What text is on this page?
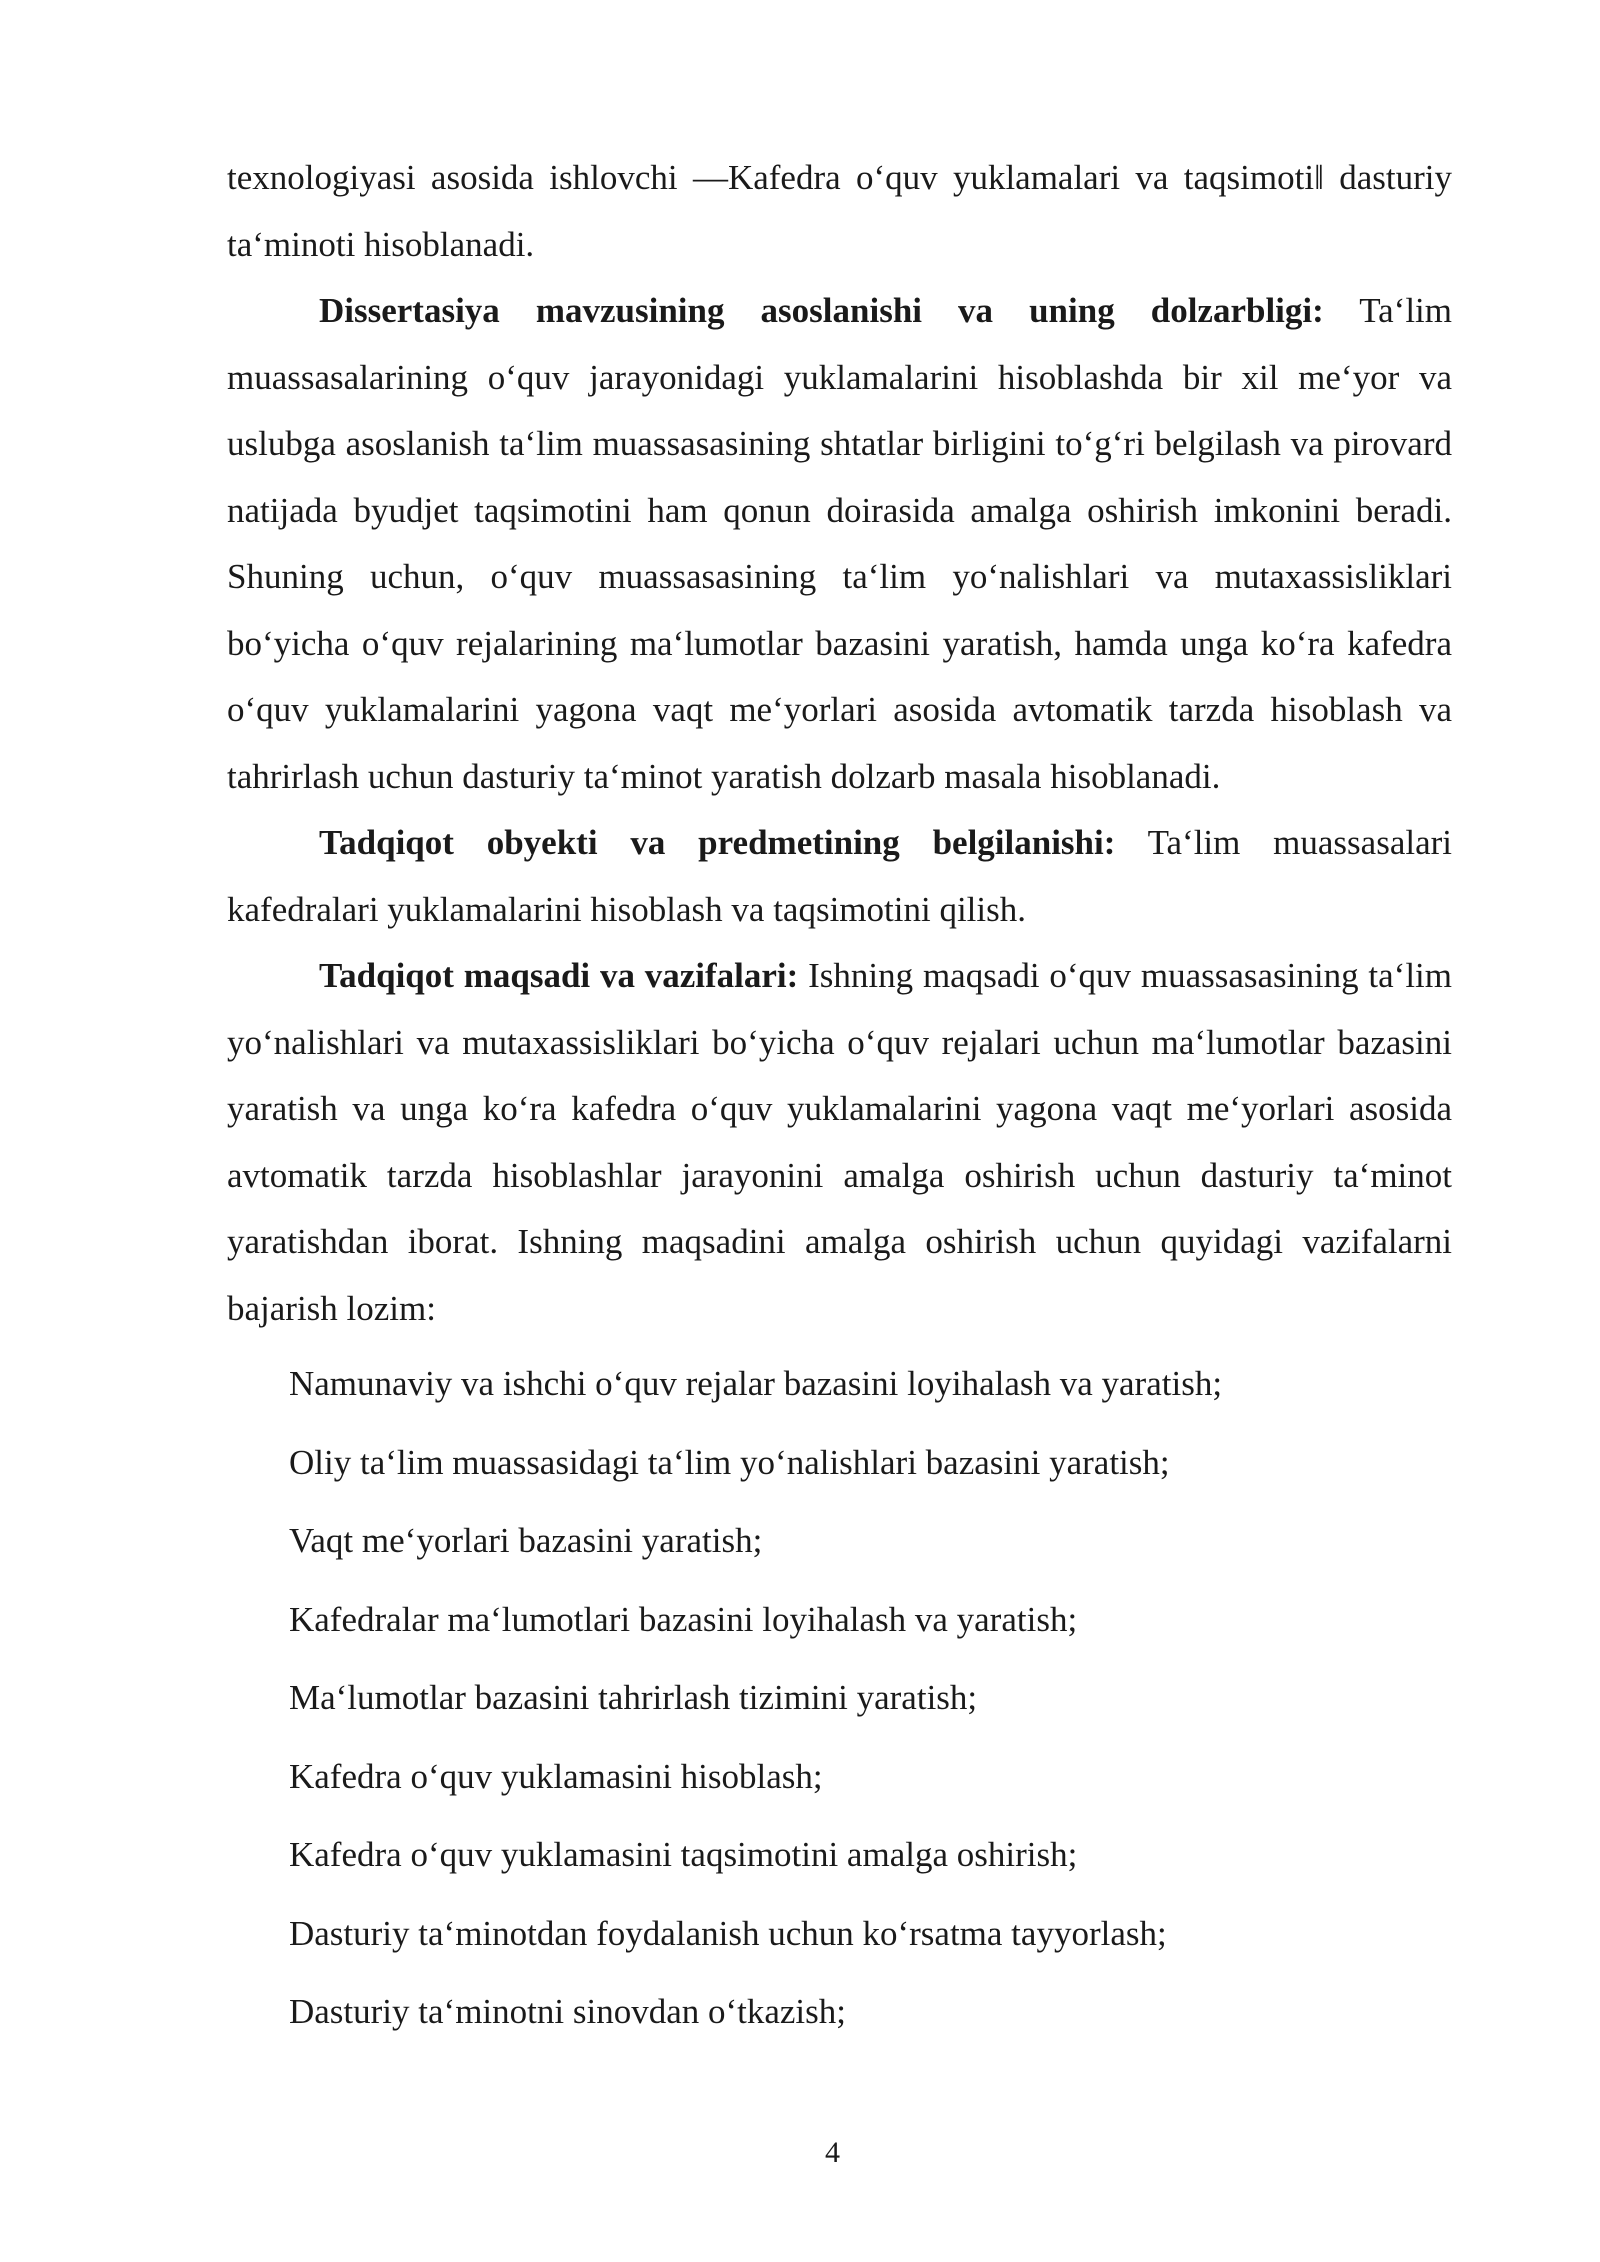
texnologiyasi asosida ishlovchi —Kafedra o‘quv yuklamalari va taqsimoti‖ dasturiy ta‘minoti hisoblanadi.

Dissertasiya mavzusining asoslanishi va uning dolzarbligi: Ta‘lim muassasalarining o‘quv jarayonidagi yuklamalarini hisoblashda bir xil me‘yor va uslubga asoslanish ta‘lim muassasasining shtatlar birligini to‘g‘ri belgilash va pirovard natijada byudjet taqsimotini ham qonun doirasida amalga oshirish imkonini beradi. Shuning uchun, o‘quv muassasasining ta‘lim yo‘nalishlari va mutaxassisliklari bo‘yicha o‘quv rejalarining ma‘lumotlar bazasini yaratish, hamda unga ko‘ra kafedra o‘quv yuklamalarini yagona vaqt me‘yorlari asosida avtomatik tarzda hisoblash va tahrirlash uchun dasturiy ta‘minot yaratish dolzarb masala hisoblanadi.

Tadqiqot obyekti va predmetining belgilanishi: Ta‘lim muassasalari kafedralari yuklamalarini hisoblash va taqsimotini qilish.

Tadqiqot maqsadi va vazifalari: Ishning maqsadi o‘quv muassasasining ta‘lim yo‘nalishlari va mutaxassisliklari bo‘yicha o‘quv rejalari uchun ma‘lumotlar bazasini yaratish va unga ko‘ra kafedra o‘quv yuklamalarini yagona vaqt me‘yorlari asosida avtomatik tarzda hisoblashlar jarayonini amalga oshirish uchun dasturiy ta‘minot yaratishdan iborat. Ishning maqsadini amalga oshirish uchun quyidagi vazifalarni bajarish lozim:

Namunaviy va ishchi o‘quv rejalar bazasini loyihalash va yaratish;
Oliy ta‘lim muassasidagi ta‘lim yo‘nalishlari bazasini yaratish;
Vaqt me‘yorlari bazasini yaratish;
Kafedralar ma‘lumotlari bazasini loyihalash va yaratish;
Ma‘lumotlar bazasini tahrirlash tizimini yaratish;
Kafedra o‘quv yuklamasini hisoblash;
Kafedra o‘quv yuklamasini taqsimotini amalga oshirish;
Dasturiy ta‘minotdan foydalanish uchun ko‘rsatma tayyorlash;
Dasturiy ta‘minotni sinovdan o‘tkazish;
4
